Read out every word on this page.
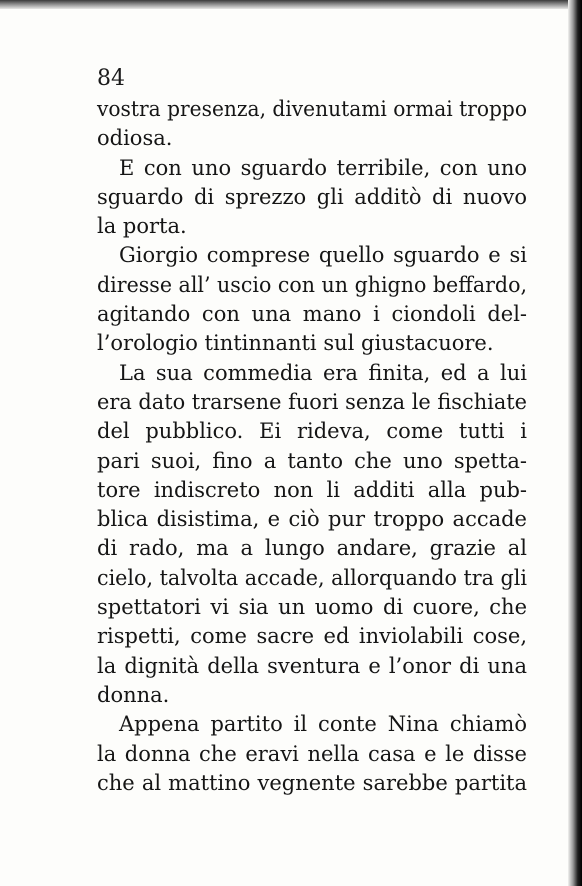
84

vostra presenza, divenutami ormai troppo
odiosa.

E con uno sguardo terribile, con uno
sguardo di sprezzo gli additò di nuovo
la porta.

Giorgio comprese quello sguardo e si
diresse all’ uscio con un ghigno beffardo,
agitando con una mano i ciondoli del-
l’orologio tintinnanti sul giustacuore.

La sua commedia era finita, ed a lui
era dato trarsene fuori senza le fischiate
del pubblico. Ei rideva, come tutti i
pari suoi, fino a tanto che uno spetta-
tore indiscreto non li additi alla pub-
blica disistima, e ciò pur troppo accade
di rado, ma a lungo andare, grazie al
cielo, talvolta accade, allorquando tra gli
spettatori vi sia un uomo di cuore, che
rispetti, come sacre ed inviolabili cose,
la dignità della sventura e l’onor di una
donna.

Appena partito il conte Nina chiamò
la donna che eravi nella casa e le disse
che al mattino vegnente sarebbe partita
